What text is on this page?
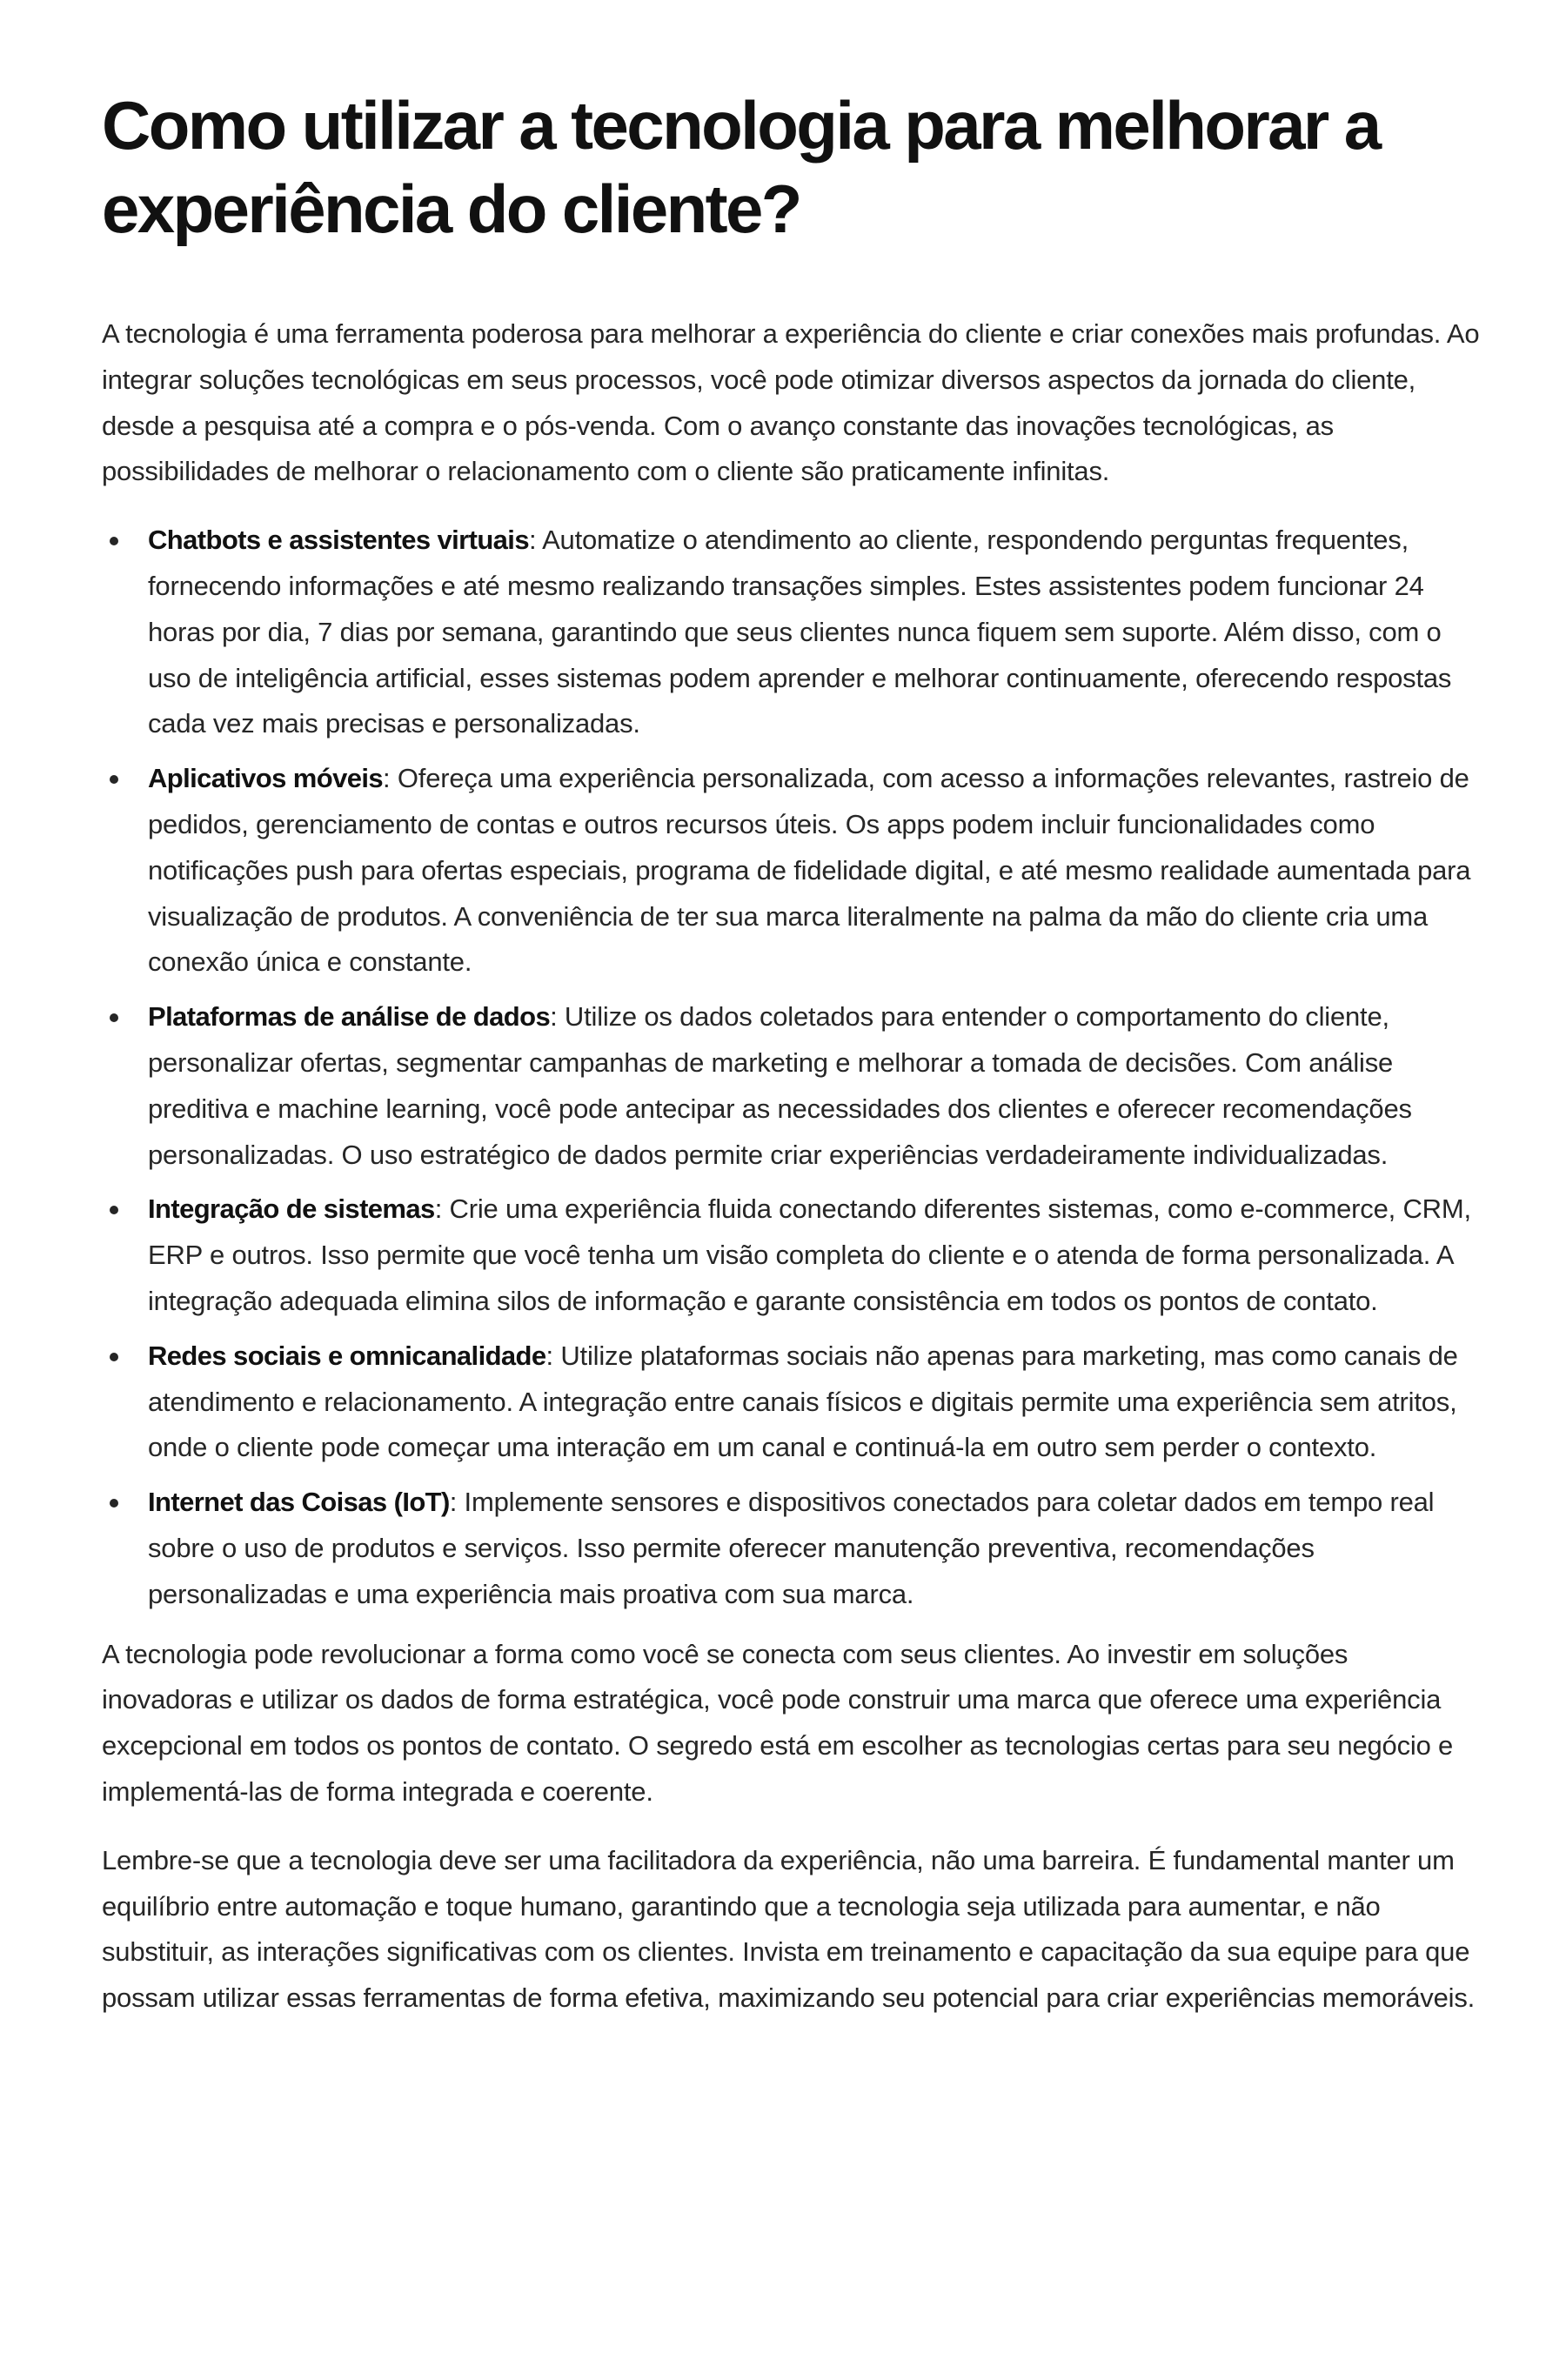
Como utilizar a tecnologia para melhorar a experiência do cliente?

A tecnologia é uma ferramenta poderosa para melhorar a experiência do cliente e criar conexões mais profundas. Ao integrar soluções tecnológicas em seus processos, você pode otimizar diversos aspectos da jornada do cliente, desde a pesquisa até a compra e o pós-venda. Com o avanço constante das inovações tecnológicas, as possibilidades de melhorar o relacionamento com o cliente são praticamente infinitas.

Chatbots e assistentes virtuais: Automatize o atendimento ao cliente, respondendo perguntas frequentes, fornecendo informações e até mesmo realizando transações simples. Estes assistentes podem funcionar 24 horas por dia, 7 dias por semana, garantindo que seus clientes nunca fiquem sem suporte. Além disso, com o uso de inteligência artificial, esses sistemas podem aprender e melhorar continuamente, oferecendo respostas cada vez mais precisas e personalizadas.
Aplicativos móveis: Ofereça uma experiência personalizada, com acesso a informações relevantes, rastreio de pedidos, gerenciamento de contas e outros recursos úteis. Os apps podem incluir funcionalidades como notificações push para ofertas especiais, programa de fidelidade digital, e até mesmo realidade aumentada para visualização de produtos. A conveniência de ter sua marca literalmente na palma da mão do cliente cria uma conexão única e constante.
Plataformas de análise de dados: Utilize os dados coletados para entender o comportamento do cliente, personalizar ofertas, segmentar campanhas de marketing e melhorar a tomada de decisões. Com análise preditiva e machine learning, você pode antecipar as necessidades dos clientes e oferecer recomendações personalizadas. O uso estratégico de dados permite criar experiências verdadeiramente individualizadas.
Integração de sistemas: Crie uma experiência fluida conectando diferentes sistemas, como e-commerce, CRM, ERP e outros. Isso permite que você tenha um visão completa do cliente e o atenda de forma personalizada. A integração adequada elimina silos de informação e garante consistência em todos os pontos de contato.
Redes sociais e omnicanalidade: Utilize plataformas sociais não apenas para marketing, mas como canais de atendimento e relacionamento. A integração entre canais físicos e digitais permite uma experiência sem atritos, onde o cliente pode começar uma interação em um canal e continuá-la em outro sem perder o contexto.
Internet das Coisas (IoT): Implemente sensores e dispositivos conectados para coletar dados em tempo real sobre o uso de produtos e serviços. Isso permite oferecer manutenção preventiva, recomendações personalizadas e uma experiência mais proativa com sua marca.

A tecnologia pode revolucionar a forma como você se conecta com seus clientes. Ao investir em soluções inovadoras e utilizar os dados de forma estratégica, você pode construir uma marca que oferece uma experiência excepcional em todos os pontos de contato. O segredo está em escolher as tecnologias certas para seu negócio e implementá-las de forma integrada e coerente.

Lembre-se que a tecnologia deve ser uma facilitadora da experiência, não uma barreira. É fundamental manter um equilíbrio entre automação e toque humano, garantindo que a tecnologia seja utilizada para aumentar, e não substituir, as interações significativas com os clientes. Invista em treinamento e capacitação da sua equipe para que possam utilizar essas ferramentas de forma efetiva, maximizando seu potencial para criar experiências memoráveis.
